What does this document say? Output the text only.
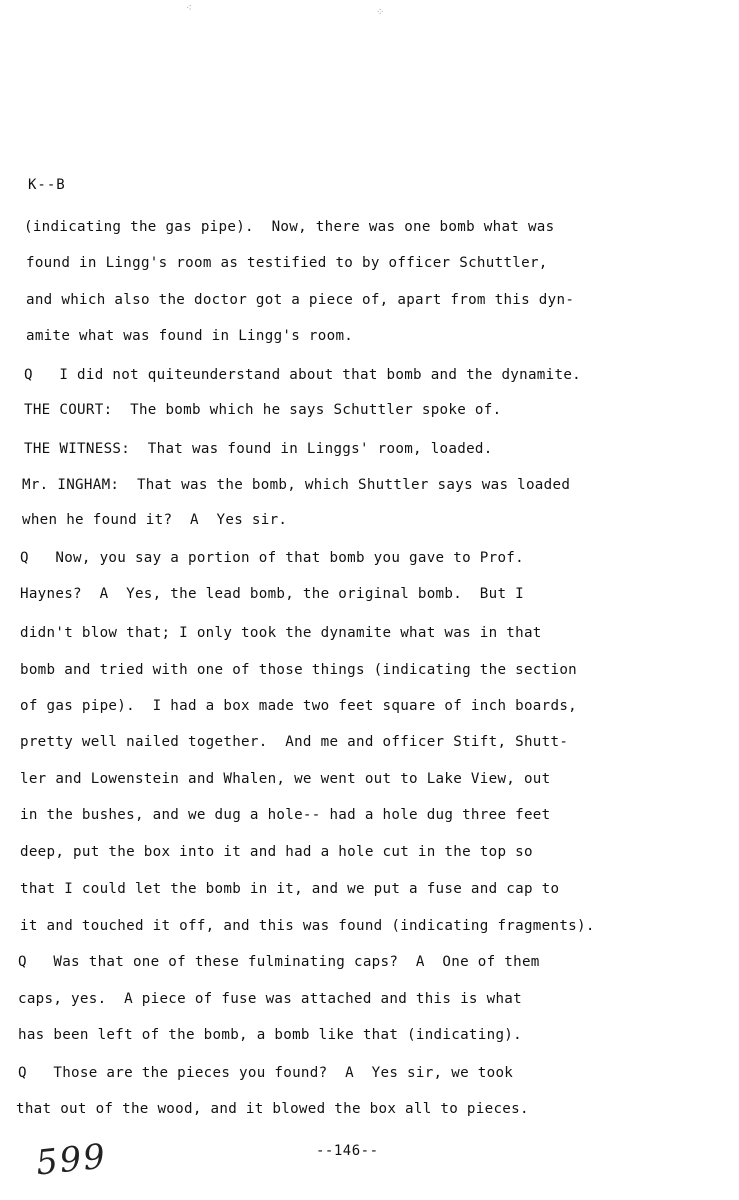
⁖	⁘
K--B
(indicating the gas pipe).  Now, there was one bomb what was
found in Lingg's room as testified to by officer Schuttler,
and which also the doctor got a piece of, apart from this dyn-
amite what was found in Lingg's room.
Q   I did not quiteunderstand about that bomb and the dynamite.
THE COURT:  The bomb which he says Schuttler spoke of.
THE WITNESS:  That was found in Linggs' room, loaded.
Mr. INGHAM:  That was the bomb, which Shuttler says was loaded
when he found it?  A  Yes sir.
Q   Now, you say a portion of that bomb you gave to Prof.
Haynes?  A  Yes, the lead bomb, the original bomb.  But I
didn't blow that; I only took the dynamite what was in that
bomb and tried with one of those things (indicating the section
of gas pipe).  I had a box made two feet square of inch boards,
pretty well nailed together.  And me and officer Stift, Shutt-
ler and Lowenstein and Whalen, we went out to Lake View, out
in the bushes, and we dug a hole-- had a hole dug three feet
deep, put the box into it and had a hole cut in the top so
that I could let the bomb in it, and we put a fuse and cap to
it and touched it off, and this was found (indicating fragments).
Q   Was that one of these fulminating caps?  A  One of them
caps, yes.  A piece of fuse was attached and this is what
has been left of the bomb, a bomb like that (indicating).
Q   Those are the pieces you found?  A  Yes sir, we took
that out of the wood, and it blowed the box all to pieces.
599	--146--
